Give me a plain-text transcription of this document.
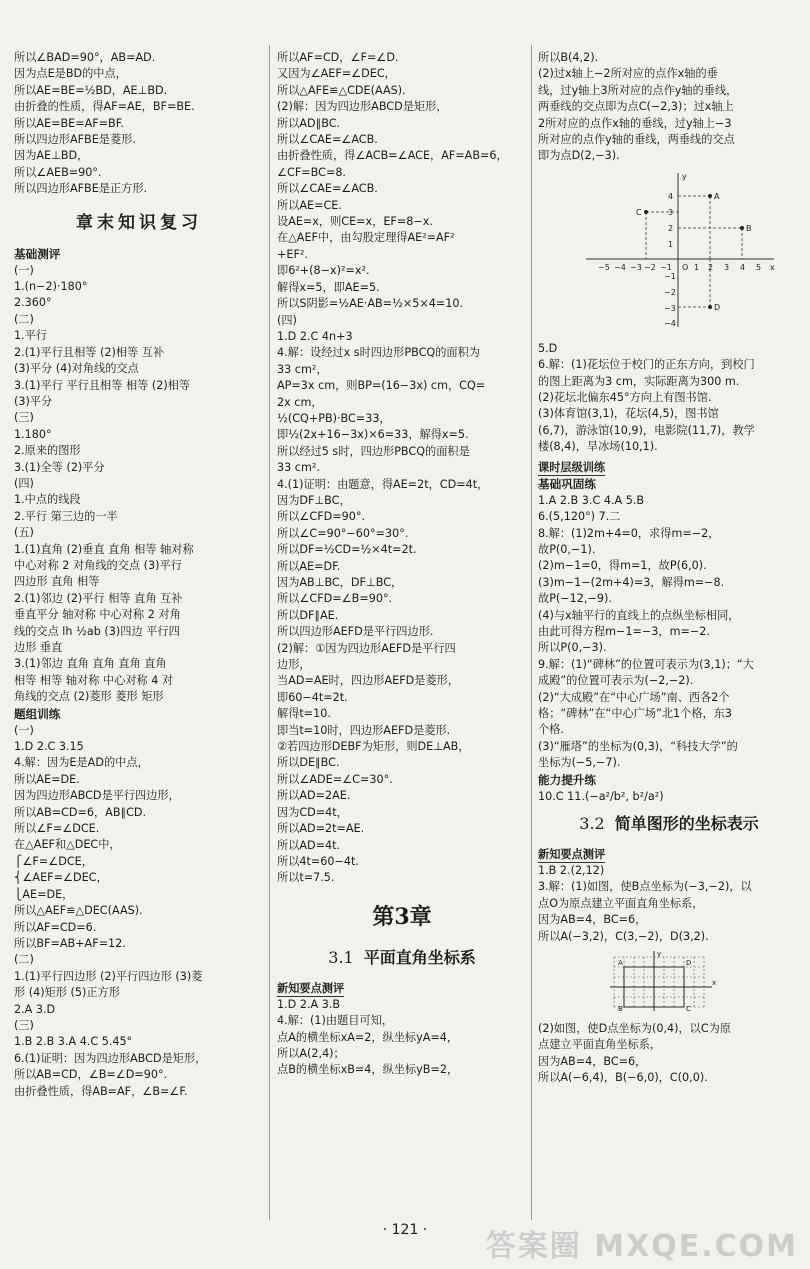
所以∠BAD=90°，AB=AD.
因为点E是BD的中点，
所以AE=BE=½BD，AE⊥BD.
由折叠的性质，得AF=AE，BF=BE.
所以AE=BE=AF=BF.
所以四边形AFBE是菱形.
因为AE⊥BD，
所以∠AEB=90°.
所以四边形AFBE是正方形.
章末知识复习
基础测评
(一)
1.(n−2)·180°
2.360°
(二)
1.平行
2.(1)平行且相等 (2)相等 互补
(3)平分 (4)对角线的交点
3.(1)平行 平行且相等 相等 (2)相等
(3)平分
(三)
1.180°
2.原来的图形
3.(1)全等 (2)平分
(四)
1.中点的线段
2.平行 第三边的一半
(五)
1.(1)直角 (2)垂直 直角 相等 轴对称
中心对称 2 对角线的交点 (3)平行
四边形 直角 相等
2.(1)邻边 (2)平行 相等 直角 互补
垂直平分 轴对称 中心对称 2 对角
线的交点 lh ½ab (3)四边 平行四
边形 垂直
3.(1)邻边 直角 直角 直角 直角
相等 相等 轴对称 中心对称 4 对
角线的交点 (2)菱形 菱形 矩形
题组训练
(一)
1.D 2.C 3.15
4.解：因为E是AD的中点，
所以AE=DE.
因为四边形ABCD是平行四边形，
所以AB=CD=6，AB∥CD.
所以∠F=∠DCE.
在△AEF和△DEC中，
⎧∠F=∠DCE，
⎨∠AEF=∠DEC，
⎩AE=DE，
所以△AEF≌△DEC(AAS).
所以AF=CD=6.
所以BF=AB+AF=12.
(二)
1.(1)平行四边形 (2)平行四边形 (3)菱
形 (4)矩形 (5)正方形
2.A 3.D
(三)
1.B 2.B 3.A 4.C 5.45°
6.(1)证明：因为四边形ABCD是矩形，
所以AB=CD，∠B=∠D=90°.
由折叠性质，得AB=AF，∠B=∠F.
所以AF=CD，∠F=∠D.
又因为∠AEF=∠DEC，
所以△AFE≌△CDE(AAS).
(2)解：因为四边形ABCD是矩形，
所以AD∥BC.
所以∠CAE=∠ACB.
由折叠性质，得∠ACB=∠ACE，AF=AB=6，
∠CF=BC=8.
所以∠CAE=∠ACB.
所以AE=CE.
设AE=x，则CE=x，EF=8−x.
在△AEF中，由勾股定理得AE²=AF²
+EF².
即6²+(8−x)²=x².
解得x=5，即AE=5.
所以S阴影=½AE·AB=½×5×4=10.
(四)
1.D 2.C 4n+3
4.解：设经过x s时四边形PBCQ的面积为
33 cm²，
AP=3x cm，则BP=(16−3x) cm，CQ=
2x cm，
½(CQ+PB)·BC=33，
即½(2x+16−3x)×6=33，解得x=5.
所以经过5 s时，四边形PBCQ的面积是
33 cm².
4.(1)证明：由题意，得AE=2t，CD=4t，
因为DF⊥BC，
所以∠CFD=90°.
所以∠C=90°−60°=30°.
所以DF=½CD=½×4t=2t.
所以AE=DF.
因为AB⊥BC，DF⊥BC，
所以∠CFD=∠B=90°.
所以DF∥AE.
所以四边形AEFD是平行四边形.
(2)解：①因为四边形AEFD是平行四
边形，
当AD=AE时，四边形AEFD是菱形，
即60−4t=2t.
解得t=10.
即当t=10时，四边形AEFD是菱形.
②若四边形DEBF为矩形，则DE⊥AB，
所以DE∥BC.
所以∠ADE=∠C=30°.
所以AD=2AE.
因为CD=4t，
所以AD=2t=AE.
所以AD=4t.
所以4t=60−4t.
所以t=7.5.
第3章
3.1 平面直角坐标系
新知要点测评
1.D 2.A 3.B
4.解：(1)由题目可知，
点A的横坐标xA=2，纵坐标yA=4，
所以A(2,4)；
点B的横坐标xB=4，纵坐标yB=2，
所以B(4,2).
(2)过x轴上−2所对应的点作x轴的垂
线，过y轴上3所对应的点作y轴的垂线，
两垂线的交点即为点C(−2,3)；过x轴上
2所对应的点作x轴的垂线，过y轴上−3
所对应的点作y轴的垂线，两垂线的交点
即为点D(2,−3).
−5 −4 −3 −2 −1 O 1 2 3 4 5 x
y
4
3
2
1
−1
−2
−3
−4
A
B
C
D
5.D
6.解：(1)花坛位于校门的正东方向，到校门
的图上距离为3 cm，实际距离为300 m.
(2)花坛北偏东45°方向上有图书馆.
(3)体育馆(3,1)，花坛(4,5)，图书馆
(6,7)，游泳馆(10,9)，电影院(11,7)，教学
楼(8,4)，旱冰场(10,1).
课时层级训练
基础巩固练
1.A 2.B 3.C 4.A 5.B
6.(5,120°) 7.二
8.解：(1)2m+4=0，求得m=−2，
故P(0,−1).
(2)m−1=0，得m=1，故P(6,0).
(3)m−1−(2m+4)=3，解得m=−8.
故P(−12,−9).
(4)与x轴平行的直线上的点纵坐标相同，
由此可得方程m−1=−3，m=−2.
所以P(0,−3).
9.解：(1)“碑林”的位置可表示为(3,1)；“大
成殿”的位置可表示为(−2,−2).
(2)“大成殿”在“中心广场”南、西各2个
格；“碑林”在“中心广场”北1个格，东3
个格.
(3)“雁塔”的坐标为(0,3)，“科技大学”的
坐标为(−5,−7).
能力提升练
10.C 11.(−a²/b², b²/a²)
3.2 简单图形的坐标表示
新知要点测评
1.B 2.(2,12)
3.解：(1)如图，使B点坐标为(−3,−2)，以
点O为原点建立平面直角坐标系，
因为AB=4，BC=6，
所以A(−3,2)，C(3,−2)，D(3,2).
y
A	D
B	C
x
(2)如图，使D点坐标为(0,4)，以C为原
点建立平面直角坐标系，
因为AB=4，BC=6，
所以A(−6,4)，B(−6,0)，C(0,0).
· 121 ·	答案圈 MXQE.COM
